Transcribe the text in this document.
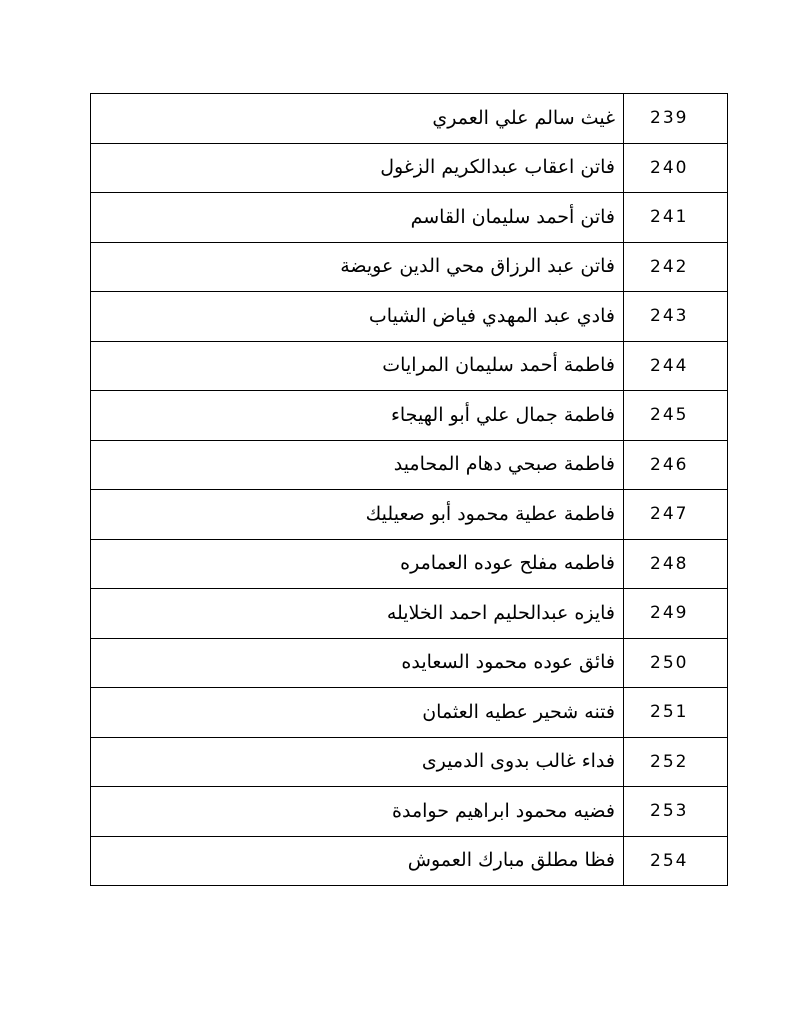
غيث سالم علي العمري	239
فاتن اعقاب عبدالكريم الزغول	240
فاتن أحمد سليمان القاسم	241
فاتن عبد الرزاق محي الدين عويضة	242
فادي عبد المهدي فياض الشياب	243
فاطمة أحمد سليمان المرايات	244
فاطمة جمال علي أبو الهيجاء	245
فاطمة صبحي دهام المحاميد	246
فاطمة عطية محمود أبو صعيليك	247
فاطمه مفلح عوده العمامره	248
فايزه عبدالحليم احمد الخلايله	249
فائق عوده محمود السعايده	250
فتنه شحير عطيه العثمان	251
فداء غالب بدوى الدميرى	252
فضيه محمود ابراهيم حوامدة	253
فظا مطلق مبارك العموش	254
